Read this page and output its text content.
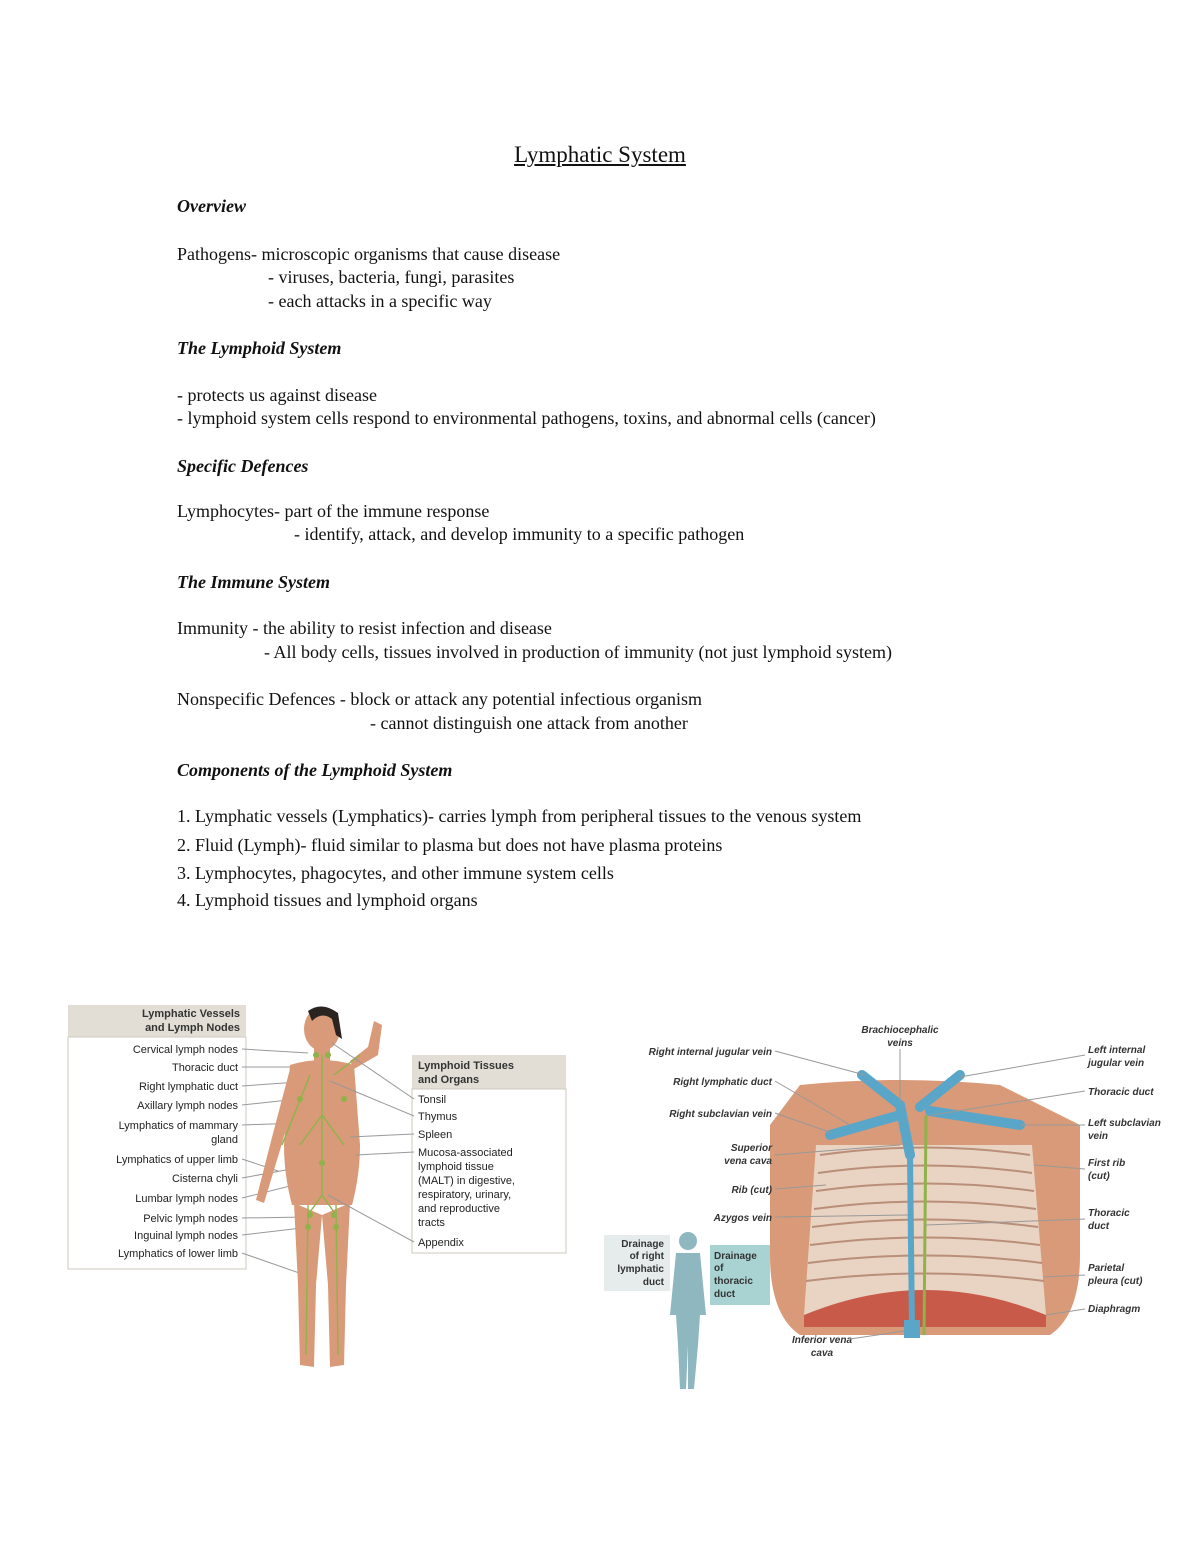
Lymphatic System
Overview

Pathogens- microscopic organisms that cause disease

- viruses, bacteria, fungi, parasites

- each attacks in a specific way

The Lymphoid System

- protects us against disease

- lymphoid system cells respond to environmental pathogens, toxins, and abnormal cells (cancer)

Specific Defences

Lymphocytes- part of the immune response

- identify, attack, and develop immunity to a specific pathogen

The Immune System

Immunity - the ability to resist infection and disease

- All body cells, tissues involved in production of immunity (not just lymphoid system)

Nonspecific Defences - block or attack any potential infectious organism

- cannot distinguish one attack from another

Components of the Lymphoid System

1. Lymphatic vessels (Lymphatics)- carries lymph from peripheral tissues to the venous system

2. Fluid (Lymph)- fluid similar to plasma but does not have plasma proteins

3. Lymphocytes, phagocytes, and other immune system cells

4. Lymphoid tissues and lymphoid organs

Lymphatic Vessels
and Lymph Nodes
Cervical lymph nodes
Thoracic duct
Right lymphatic duct
Axillary lymph nodes
Lymphatics of mammary
gland
Lymphatics of upper limb
Cisterna chyli
Lumbar lymph nodes
Pelvic lymph nodes
Inguinal lymph nodes
Lymphatics of lower limb
Lymphoid Tissues
and Organs
Tonsil
Thymus
Spleen
Mucosa-associated
lymphoid tissue
(MALT) in digestive,
respiratory, urinary,
and reproductive
tracts
Appendix
Brachiocephalic
veins
Right internal jugular vein
Right lymphatic duct
Right subclavian vein
Superior
vena cava
Rib (cut)
Azygos vein
Left internal
jugular vein
Thoracic duct
Left subclavian
vein
First rib
(cut)
Thoracic
duct
Parietal
pleura (cut)
Diaphragm
Inferior vena
cava
Drainage
of right
lymphatic
duct
Drainage
of
thoracic
duct
